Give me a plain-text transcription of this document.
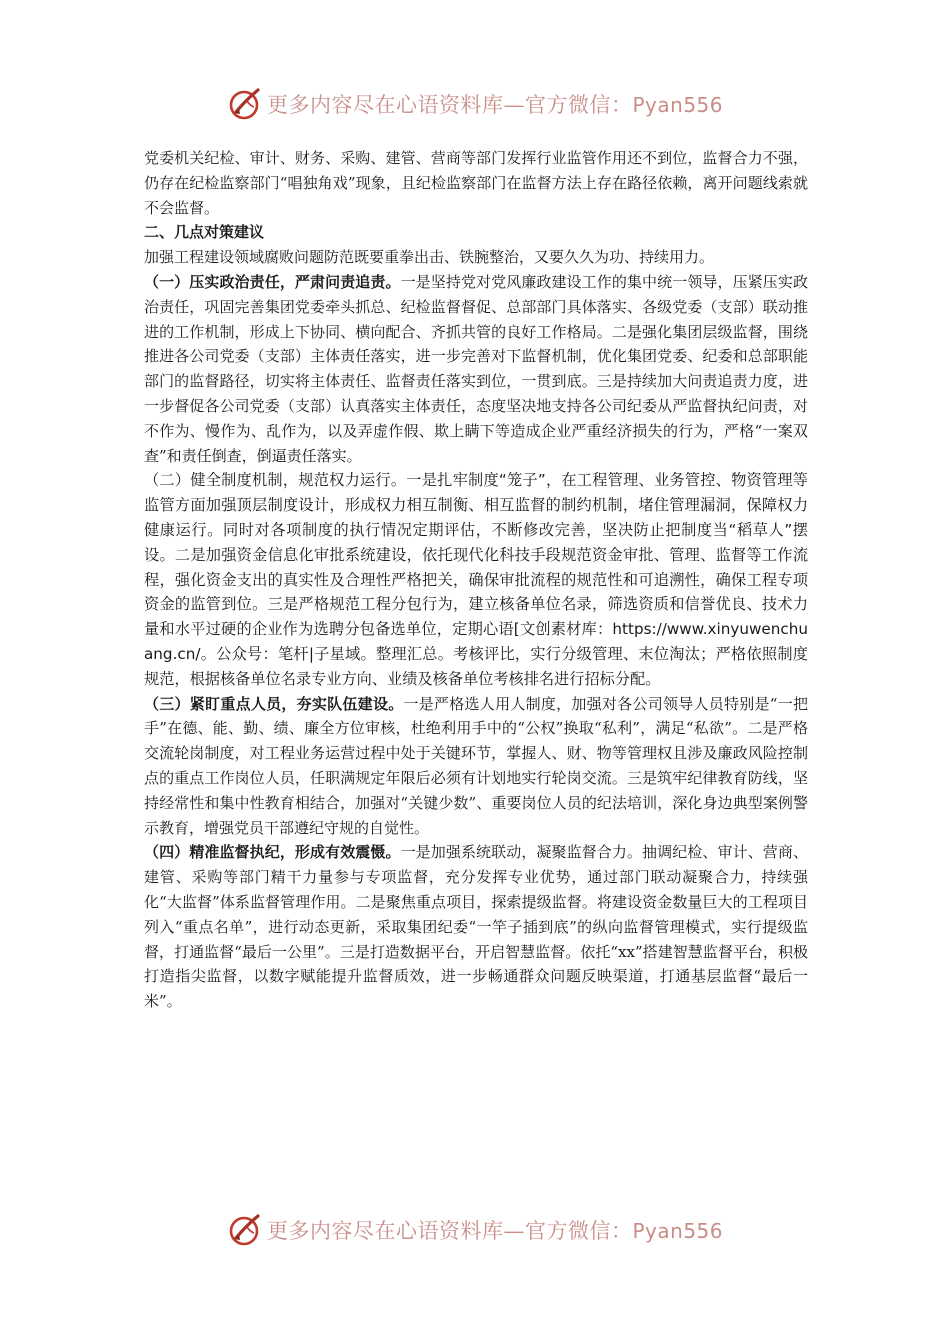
更多内容尽在心语资料库—官方微信：Pyan556

党委机关纪检、审计、财务、采购、建管、营商等部门发挥行业监管作用还不到位，监督合力不强，仍存在纪检监察部门“唱独角戏”现象，且纪检监察部门在监督方法上存在路径依赖，离开问题线索就不会监督。

二、几点对策建议

加强工程建设领域腐败问题防范既要重拳出击、铁腕整治，又要久久为功、持续用力。

（一）压实政治责任，严肃问责追责。一是坚持党对党风廉政建设工作的集中统一领导，压紧压实政治责任，巩固完善集团党委牵头抓总、纪检监督督促、总部部门具体落实、各级党委（支部）联动推进的工作机制，形成上下协同、横向配合、齐抓共管的良好工作格局。二是强化集团层级监督，围绕推进各公司党委（支部）主体责任落实，进一步完善对下监督机制，优化集团党委、纪委和总部职能部门的监督路径，切实将主体责任、监督责任落实到位，一贯到底。三是持续加大问责追责力度，进一步督促各公司党委（支部）认真落实主体责任，态度坚决地支持各公司纪委从严监督执纪问责，对不作为、慢作为、乱作为，以及弄虚作假、欺上瞒下等造成企业严重经济损失的行为，严格“一案双查”和责任倒查，倒逼责任落实。

（二）健全制度机制，规范权力运行。一是扎牢制度“笼子”，在工程管理、业务管控、物资管理等监管方面加强顶层制度设计，形成权力相互制衡、相互监督的制约机制，堵住管理漏洞，保障权力健康运行。同时对各项制度的执行情况定期评估，不断修改完善，坚决防止把制度当“稻草人”摆设。二是加强资金信息化审批系统建设，依托现代化科技手段规范资金审批、管理、监督等工作流程，强化资金支出的真实性及合理性严格把关，确保审批流程的规范性和可追溯性，确保工程专项资金的监管到位。三是严格规范工程分包行为，建立核备单位名录，筛选资质和信誉优良、技术力量和水平过硬的企业作为选聘分包备选单位，定期心语[文创素材库：https://www.xinyuwenchuang.cn/。公众号：笔杆|子星域。整理汇总。考核评比，实行分级管理、末位淘汰；严格依照制度规范，根据核备单位名录专业方向、业绩及核备单位考核排名进行招标分配。

（三）紧盯重点人员，夯实队伍建设。一是严格选人用人制度，加强对各公司领导人员特别是“一把手”在德、能、勤、绩、廉全方位审核，杜绝利用手中的“公权”换取“私利”，满足“私欲”。二是严格交流轮岗制度，对工程业务运营过程中处于关键环节，掌握人、财、物等管理权且涉及廉政风险控制点的重点工作岗位人员，任职满规定年限后必须有计划地实行轮岗交流。三是筑牢纪律教育防线，坚持经常性和集中性教育相结合，加强对“关键少数”、重要岗位人员的纪法培训，深化身边典型案例警示教育，增强党员干部遵纪守规的自觉性。

（四）精准监督执纪，形成有效震慑。一是加强系统联动，凝聚监督合力。抽调纪检、审计、营商、建管、采购等部门精干力量参与专项监督，充分发挥专业优势，通过部门联动凝聚合力，持续强化“大监督”体系监督管理作用。二是聚焦重点项目，探索提级监督。将建设资金数量巨大的工程项目列入“重点名单”，进行动态更新，采取集团纪委“一竿子插到底”的纵向监督管理模式，实行提级监督，打通监督“最后一公里”。三是打造数据平台，开启智慧监督。依托“xx”搭建智慧监督平台，积极打造指尖监督，以数字赋能提升监督质效，进一步畅通群众问题反映渠道，打通基层监督“最后一米”。

更多内容尽在心语资料库—官方微信：Pyan556
